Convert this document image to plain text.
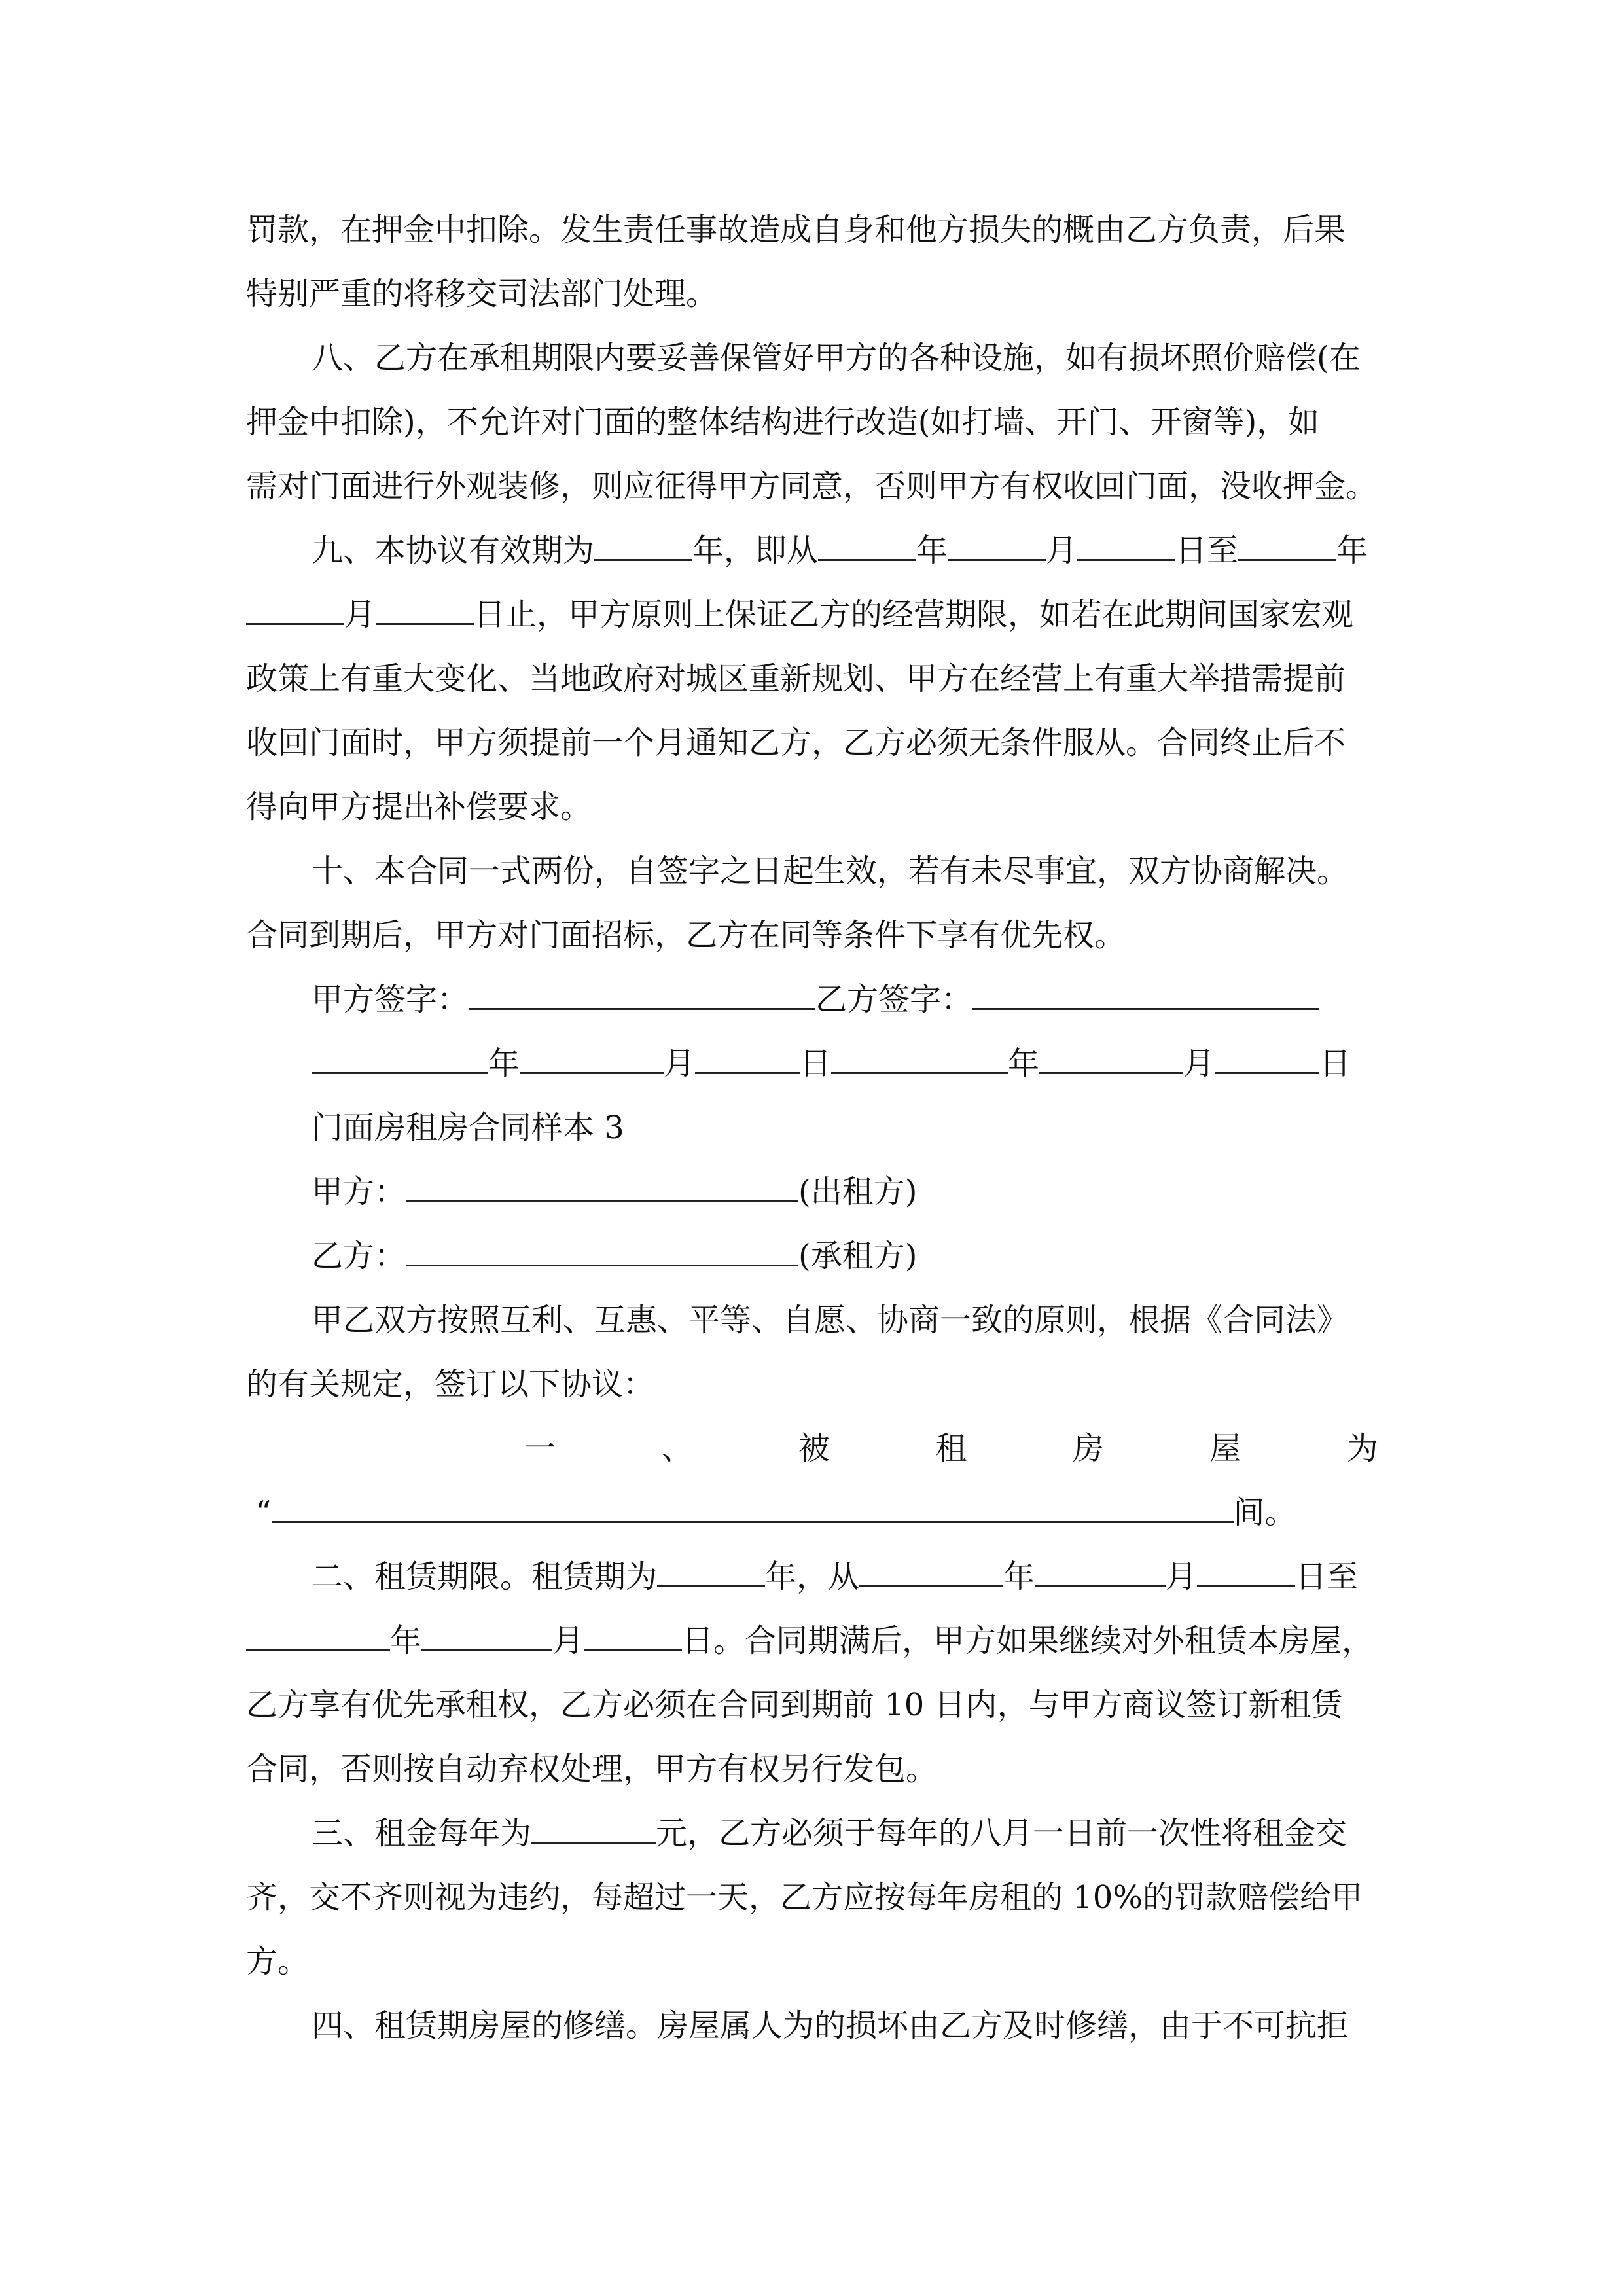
罚款，在押金中扣除。发生责任事故造成自身和他方损失的概由乙方负责，后果

特别严重的将移交司法部门处理。

八、乙方在承租期限内要妥善保管好甲方的各种设施，如有损坏照价赔偿(在

押金中扣除)，不允许对门面的整体结构进行改造(如打墙、开门、开窗等)，如

需对门面进行外观装修，则应征得甲方同意，否则甲方有权收回门面，没收押金。

九、本协议有效期为	年，即从	年	月	日至	年

月	日止，甲方原则上保证乙方的经营期限，如若在此期间国家宏观

政策上有重大变化、当地政府对城区重新规划、甲方在经营上有重大举措需提前

收回门面时，甲方须提前一个月通知乙方，乙方必须无条件服从。合同终止后不

得向甲方提出补偿要求。

十、本合同一式两份，自签字之日起生效，若有未尽事宜，双方协商解决。

合同到期后，甲方对门面招标，乙方在同等条件下享有优先权。

甲方签字：	乙方签字：

年	月	日	年	月	日

门面房租房合同样本 3

甲方：	(出租方)

乙方：	(承租方)

甲乙双方按照互利、互惠、平等、自愿、协商一致的原则，根据《合同法》

的有关规定，签订以下协议：

一	、	被	租	房	屋	为

“	间。

二、租赁期限。租赁期为	年，从	年	月	日至

年	月	日。合同期满后，甲方如果继续对外租赁本房屋，

乙方享有优先承租权，乙方必须在合同到期前 10 日内，与甲方商议签订新租赁

合同，否则按自动弃权处理，甲方有权另行发包。

三、租金每年为	元，乙方必须于每年的八月一日前一次性将租金交

齐，交不齐则视为违约，每超过一天，乙方应按每年房租的 10%的罚款赔偿给甲

方。

四、租赁期房屋的修缮。房屋属人为的损坏由乙方及时修缮，由于不可抗拒
